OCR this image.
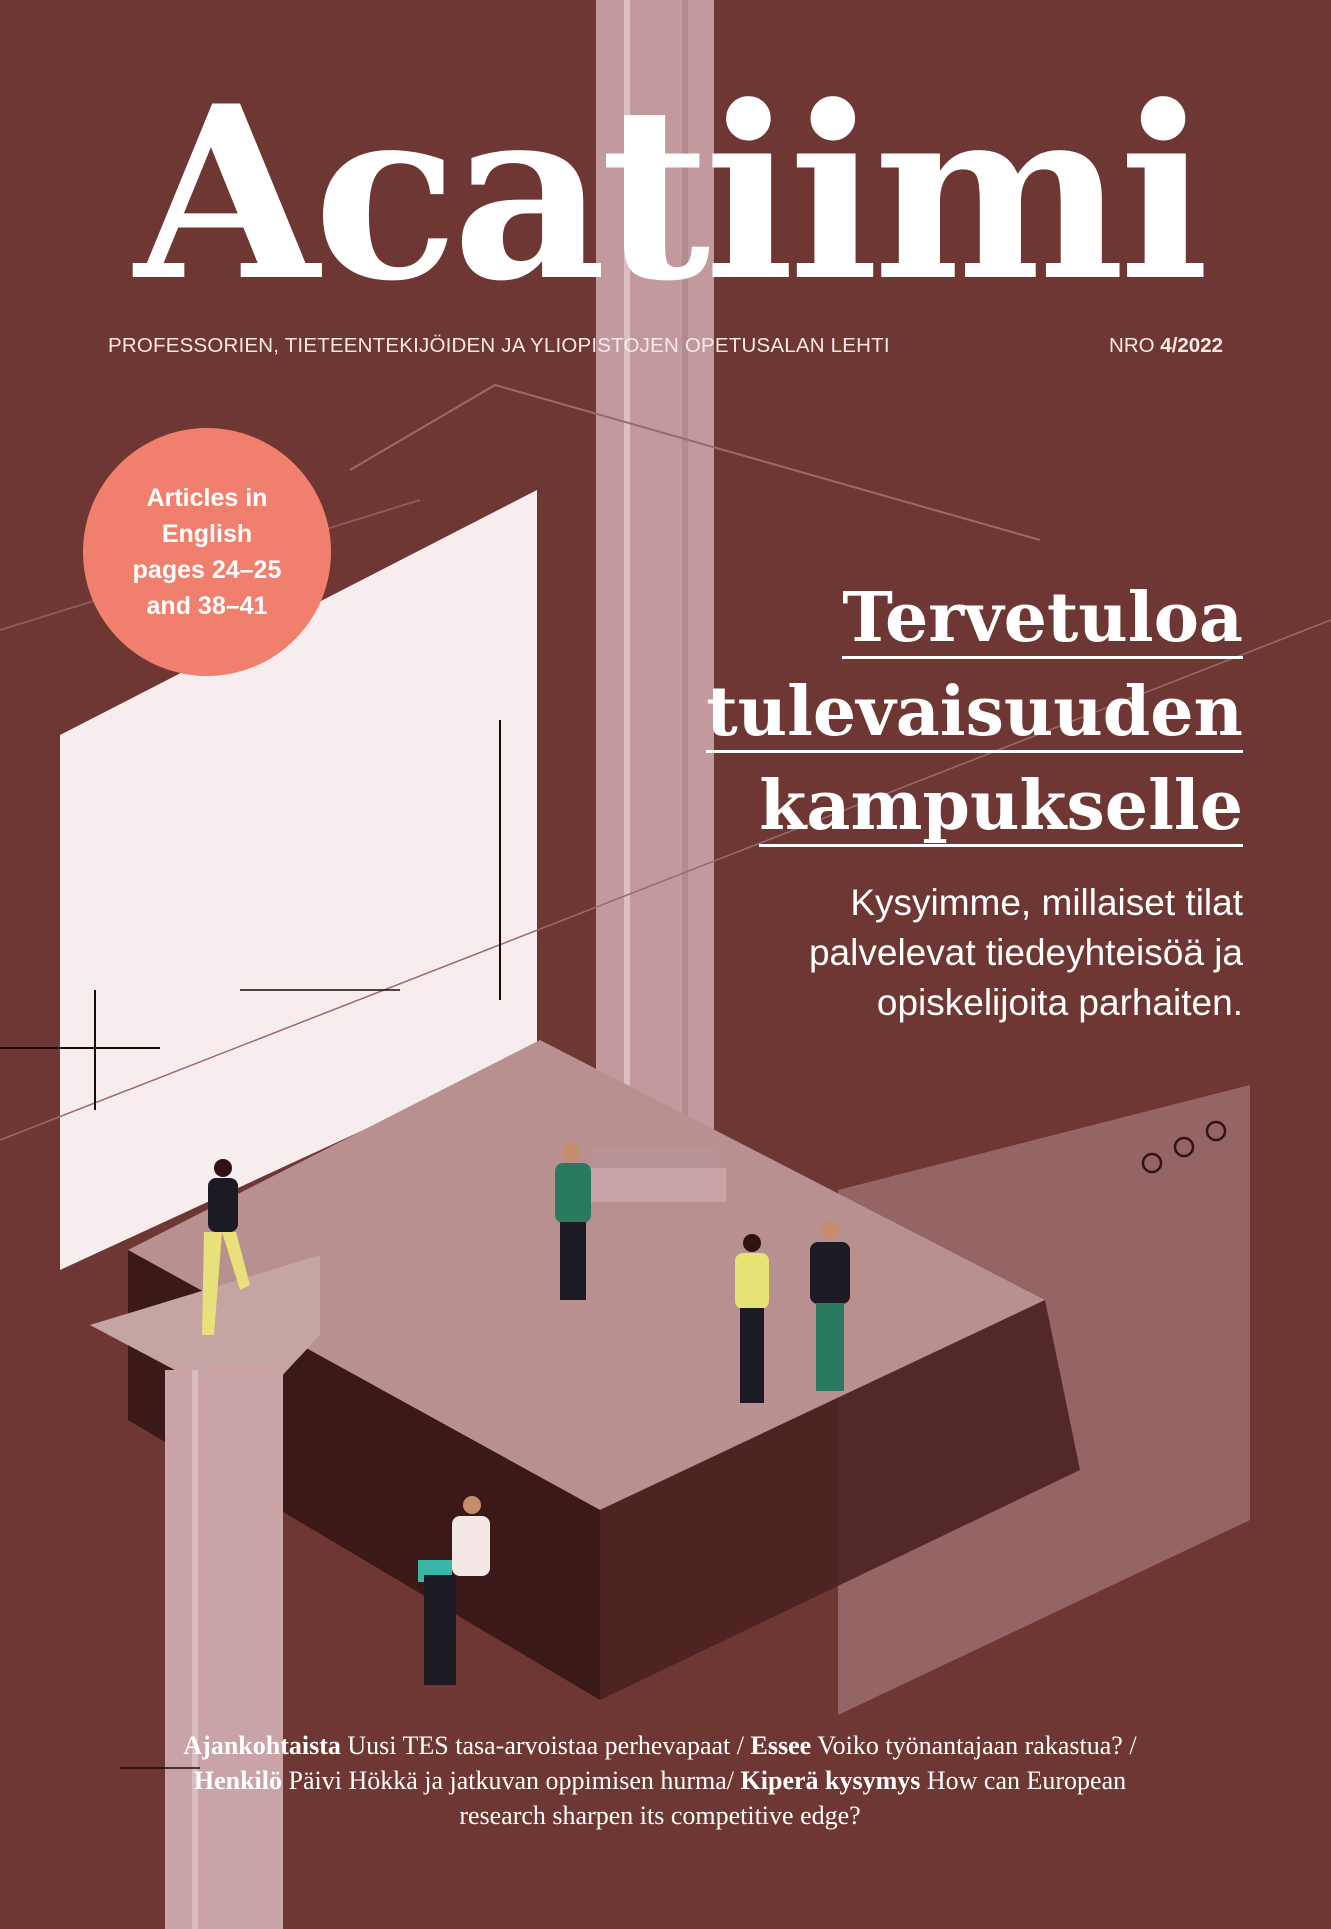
Acatiimi
PROFESSORIEN, TIETEENTEKIJÖIDEN JA YLIOPISTOJEN OPETUSALAN LEHTI	NRO 4/2022
Articles in English pages 24–25 and 38–41	Tervetuloa
tulevaisuuden
kampukselle
Kysyimme, millaiset tilat palvelevat tiedeyhteisöä ja opiskelijoita parhaiten.
Ajankohtaista Uusi TES tasa-arvoistaa perhevapaat / Essee Voiko työnantajaan rakastua? / Henkilö Päivi Hökkä ja jatkuvan oppimisen hurma/ Kiperä kysymys How can European research sharpen its competitive edge?
